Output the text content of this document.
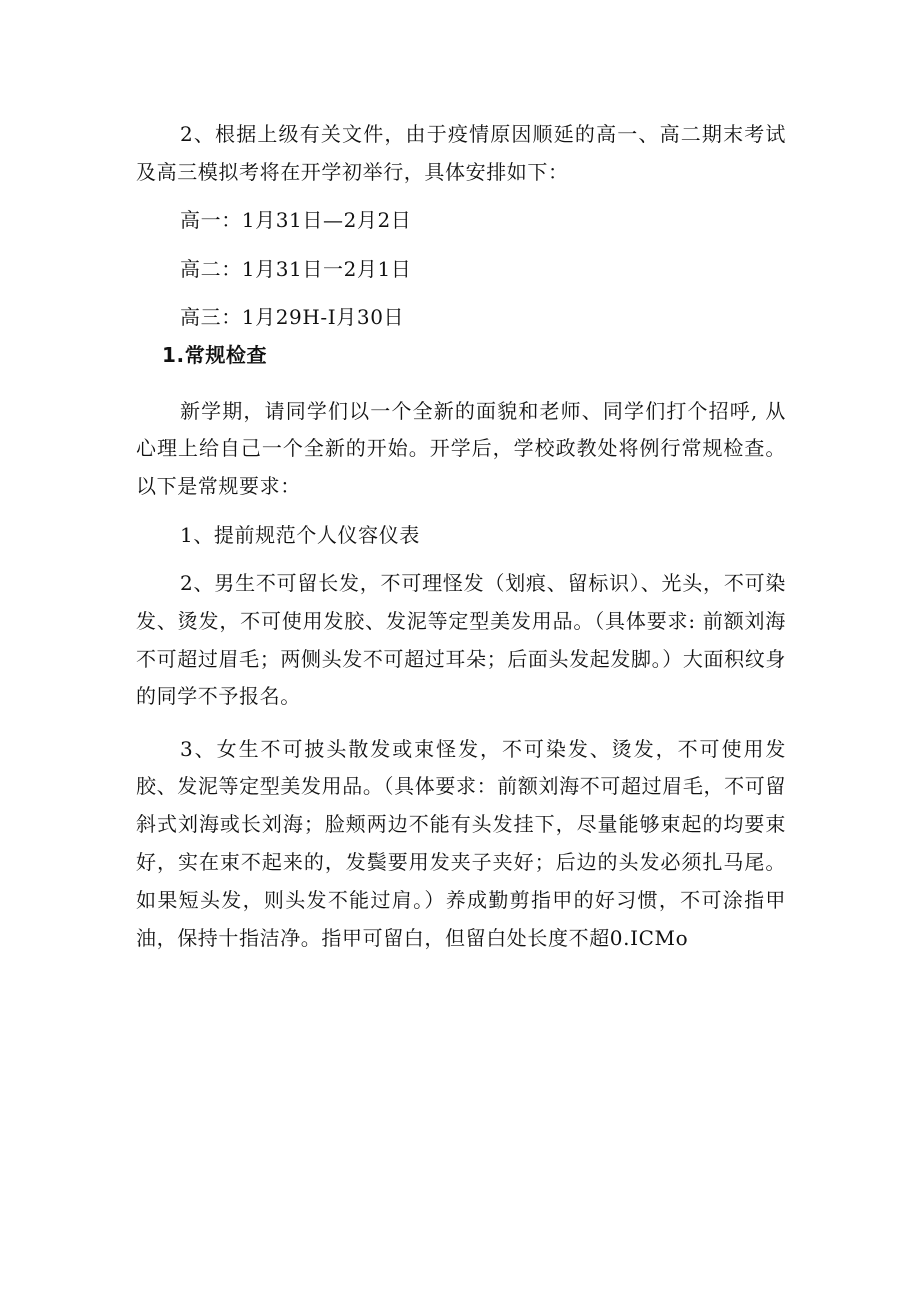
2、根据上级有关文件，由于疫情原因顺延的高一、高二期末考试及高三模拟考将在开学初举行，具体安排如下：

高一：1月31日—2月2日

高二：1月31日一2月1日

高三：1月29H-I月30日

1.常规检查

新学期，请同学们以一个全新的面貌和老师、同学们打个招呼, 从心理上给自己一个全新的开始。开学后，学校政教处将例行常规检查。以下是常规要求：

1、提前规范个人仪容仪表

2、男生不可留长发，不可理怪发（划痕、留标识）、光头，不可染发、烫发，不可使用发胶、发泥等定型美发用品。（具体要求: 前额刘海不可超过眉毛；两侧头发不可超过耳朵；后面头发起发脚。）大面积纹身的同学不予报名。

3、女生不可披头散发或束怪发，不可染发、烫发，不可使用发胶、发泥等定型美发用品。（具体要求：前额刘海不可超过眉毛，不可留斜式刘海或长刘海；脸颊两边不能有头发挂下，尽量能够束起的均要束好，实在束不起来的，发鬓要用发夹子夹好；后边的头发必须扎马尾。如果短头发，则头发不能过肩。）养成勤剪指甲的好习惯，不可涂指甲油，保持十指洁净。指甲可留白，但留白处长度不超0.ICMo
